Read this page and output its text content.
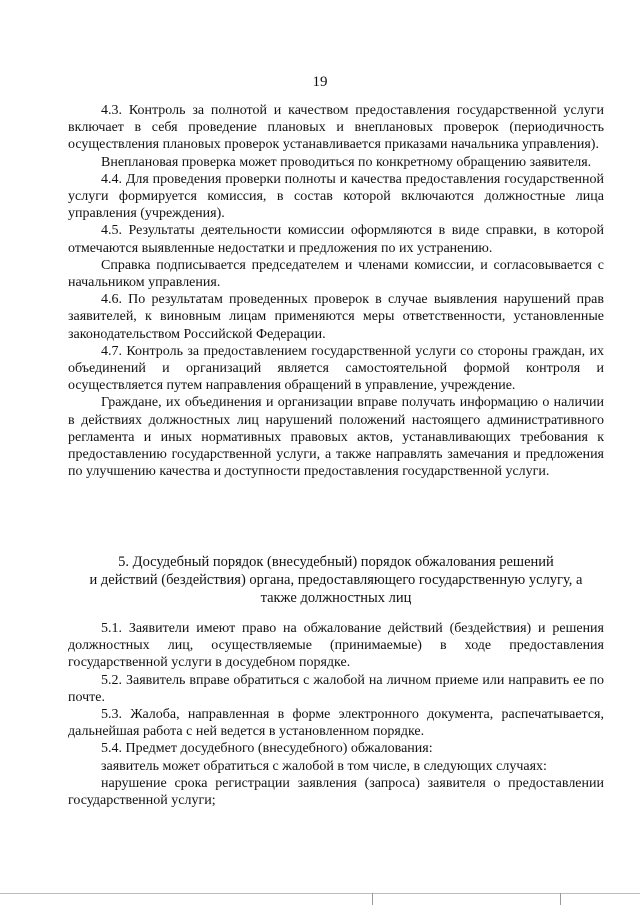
19

4.3. Контроль за полнотой и качеством предоставления государственной услуги включает в себя проведение плановых и внеплановых проверок (периодичность осуществления плановых проверок устанавливается приказами начальника управления).

Внеплановая проверка может проводиться по конкретному обращению заявителя.

4.4. Для проведения проверки полноты и качества предоставления государственной услуги формируется комиссия, в состав которой включаются должностные лица управления (учреждения).

4.5. Результаты деятельности комиссии оформляются в виде справки, в которой отмечаются выявленные недостатки и предложения по их устранению.

Справка подписывается председателем и членами комиссии, и согласовывается с начальником управления.

4.6. По результатам проведенных проверок в случае выявления нарушений прав заявителей, к виновным лицам применяются меры ответственности, установленные законодательством Российской Федерации.

4.7. Контроль за предоставлением государственной услуги со стороны граждан, их объединений и организаций является самостоятельной формой контроля и осуществляется путем направления обращений в управление, учреждение.

Граждане, их объединения и организации вправе получать информацию о наличии в действиях должностных лиц нарушений положений настоящего административного регламента и иных нормативных правовых актов, устанавливающих требования к предоставлению государственной услуги, а также направлять замечания и предложения по улучшению качества и доступности предоставления государственной услуги.

5. Досудебный порядок (внесудебный) порядок обжалования решений

и действий (бездействия) органа, предоставляющего государственную услугу, а

также должностных лиц

5.1. Заявители имеют право на обжалование действий (бездействия) и решения должностных лиц, осуществляемые (принимаемые) в ходе предоставления государственной услуги в досудебном порядке.

5.2. Заявитель вправе обратиться с жалобой на личном приеме или направить ее по почте.

5.3. Жалоба, направленная в форме электронного документа, распечатывается, дальнейшая работа с ней ведется в установленном порядке.

5.4. Предмет досудебного (внесудебного) обжалования:

заявитель может обратиться с жалобой в том числе, в следующих случаях:

нарушение срока регистрации заявления (запроса) заявителя о предоставлении государственной услуги;
